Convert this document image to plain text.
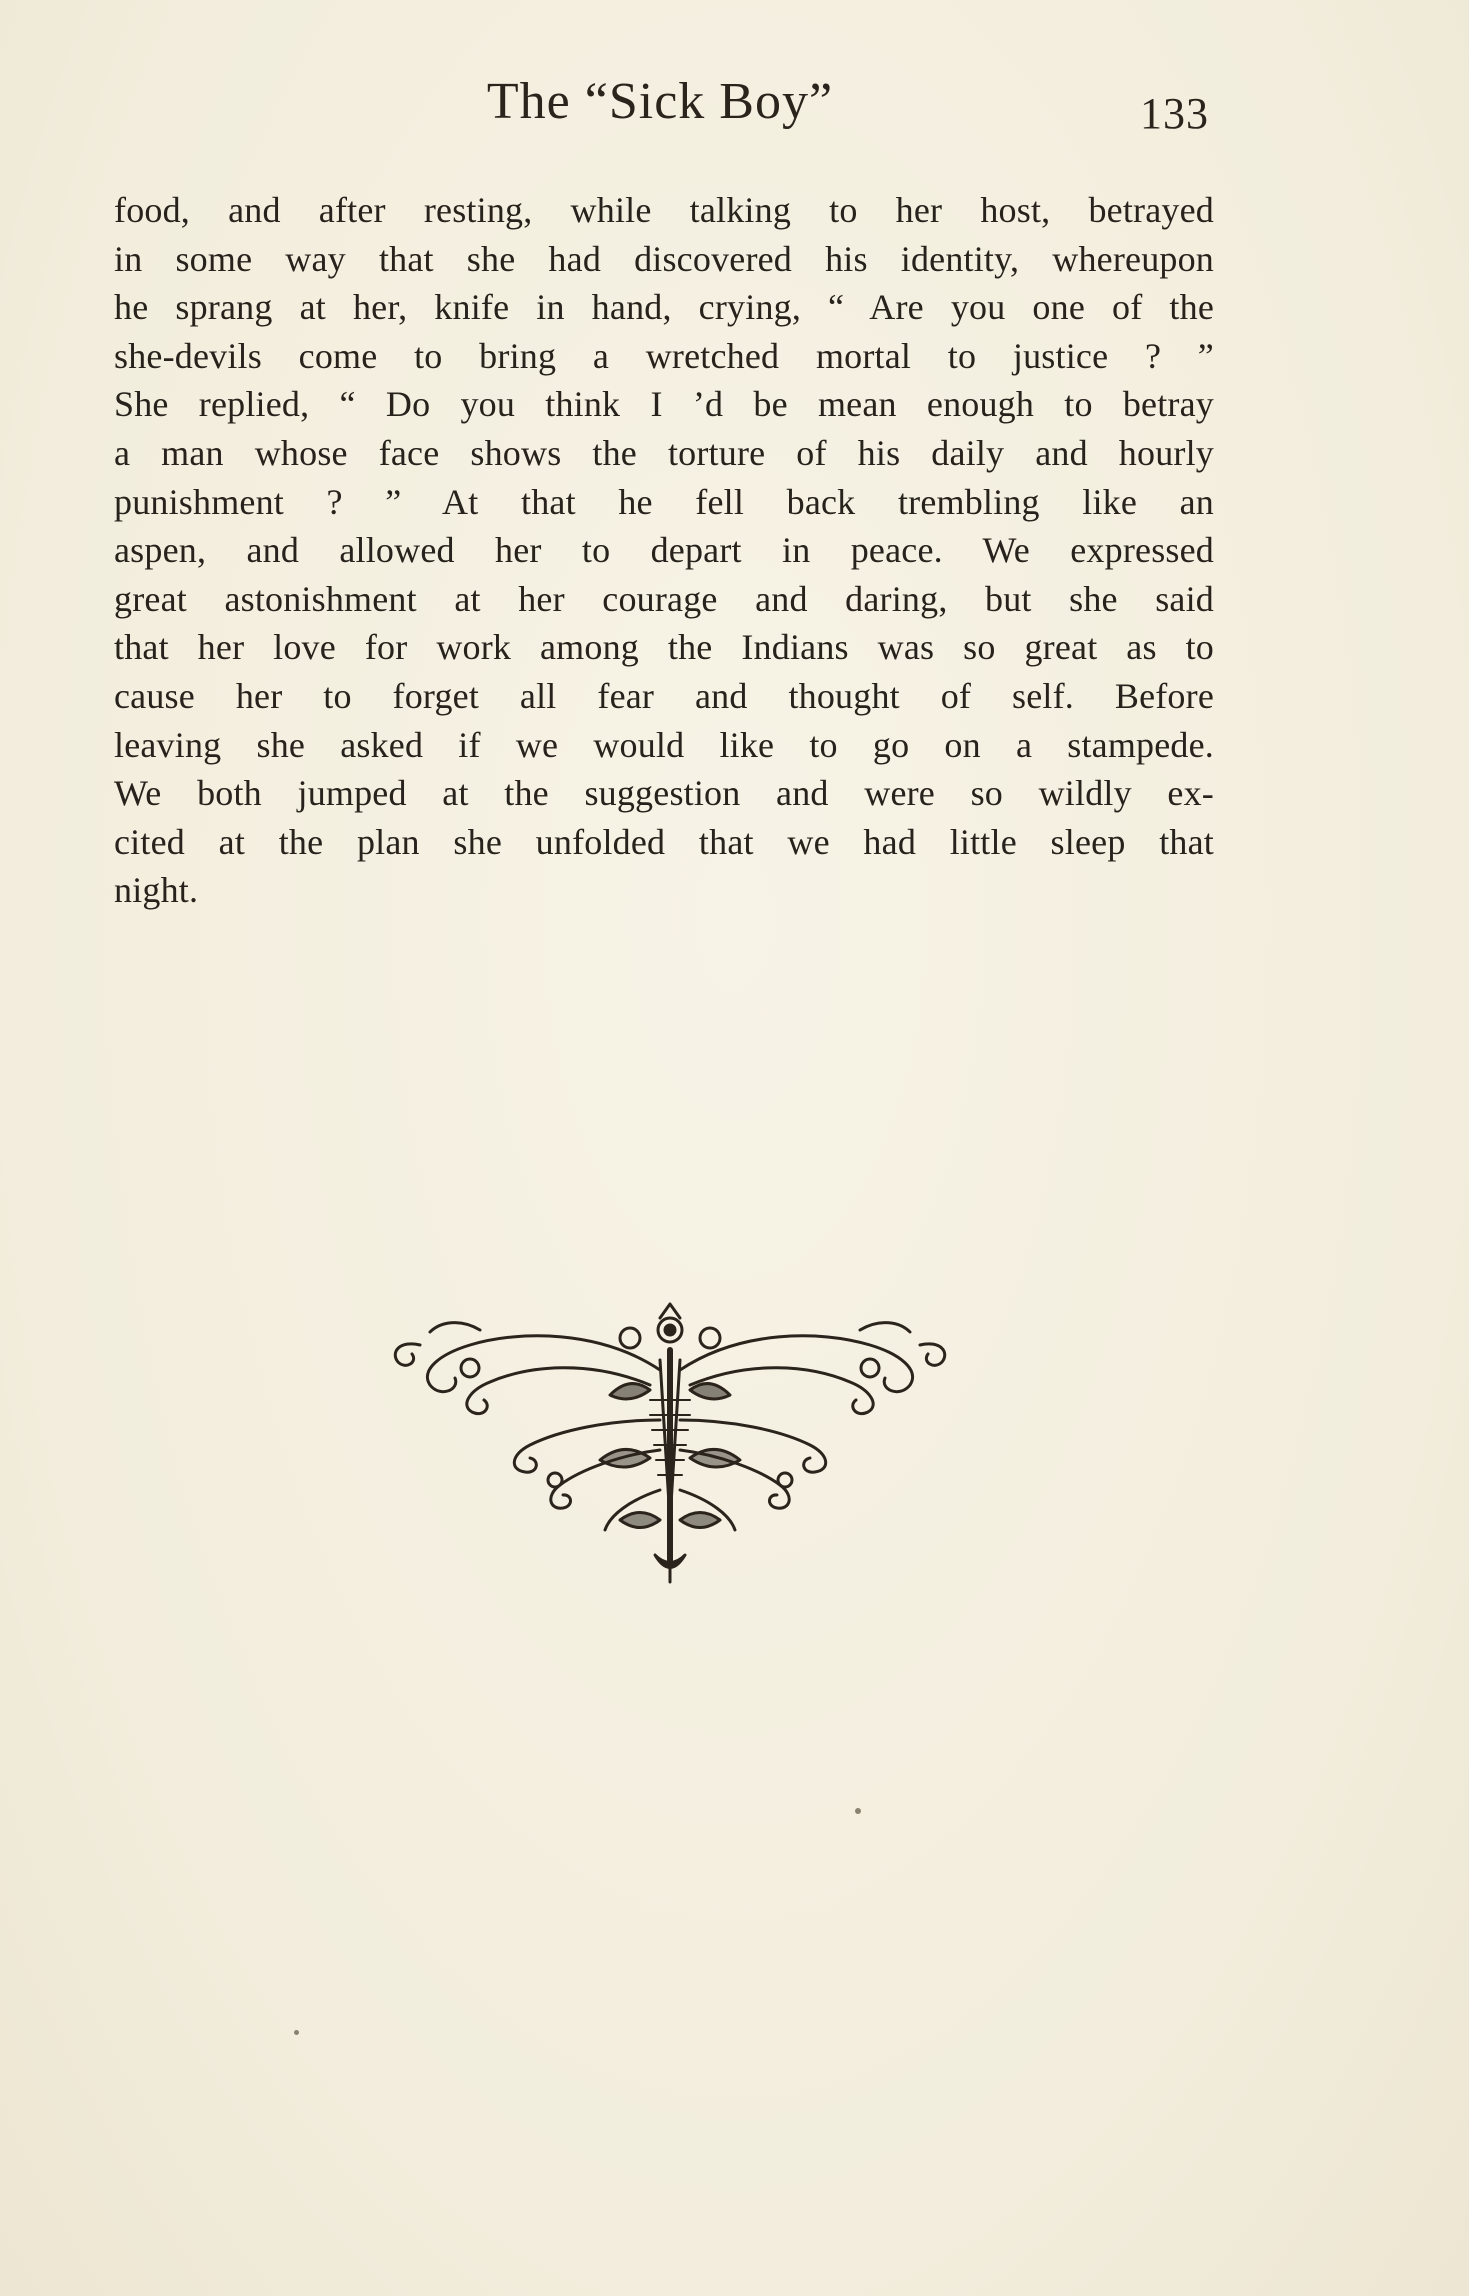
The “Sick Boy”	133
food, and after resting, while talking to her host, betrayed
in some way that she had discovered his identity, whereupon
he sprang at her, knife in hand, crying, “ Are you one of the
she-devils come to bring a wretched mortal to justice ? ”
She replied, “ Do you think I ’d be mean enough to betray
a man whose face shows the torture of his daily and hourly
punishment ? ” At that he fell back trembling like an
aspen, and allowed her to depart in peace. We expressed
great astonishment at her courage and daring, but she said
that her love for work among the Indians was so great as to
cause her to forget all fear and thought of self. Before
leaving she asked if we would like to go on a stampede.
We both jumped at the suggestion and were so wildly ex-
cited at the plan she unfolded that we had little sleep that
night.
